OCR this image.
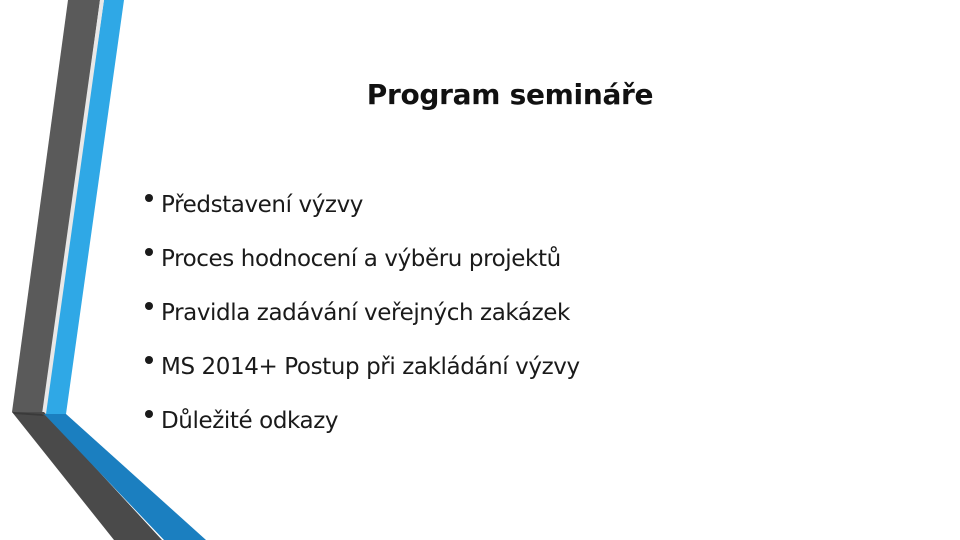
Program semináře
Představení výzvy
Proces hodnocení a výběru projektů
Pravidla zadávání veřejných zakázek
MS 2014+ Postup při zakládání výzvy
Důležité odkazy
